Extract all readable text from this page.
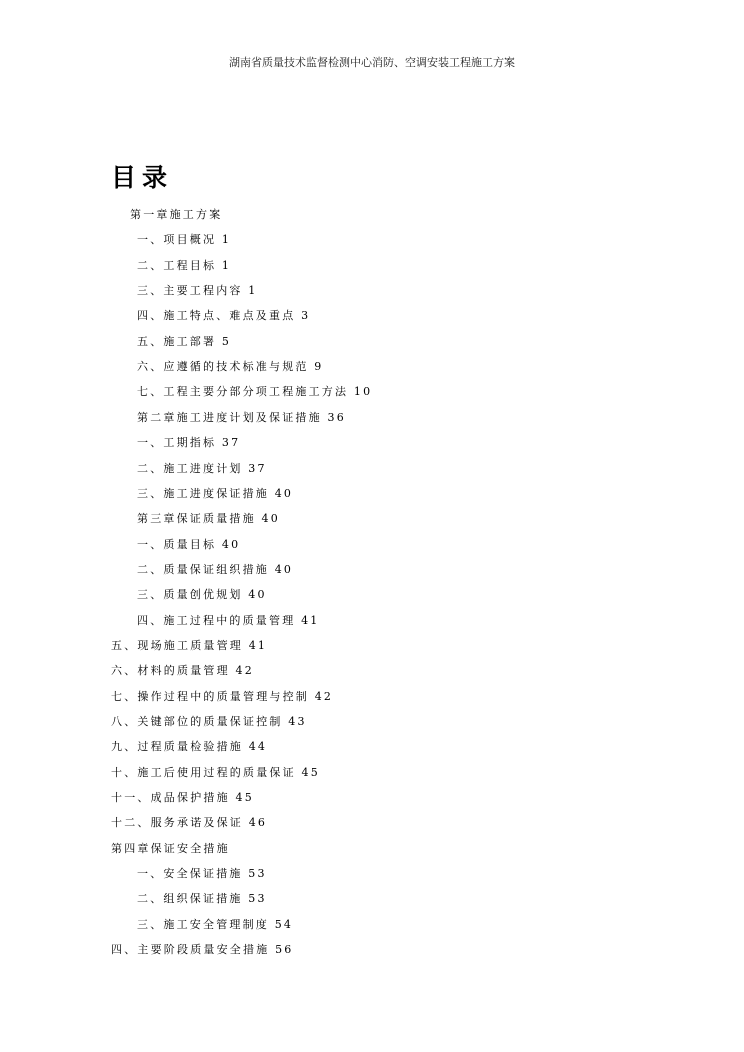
湖南省质量技术监督检测中心消防、空调安装工程施工方案
目录
第一章施工方案
一、项目概况 1
二、工程目标 1
三、主要工程内容 1
四、施工特点、难点及重点 3
五、施工部署 5
六、应遵循的技术标准与规范 9
七、工程主要分部分项工程施工方法 10
第二章施工进度计划及保证措施 36
一、工期指标 37
二、施工进度计划 37
三、施工进度保证措施 40
第三章保证质量措施 40
一、质量目标 40
二、质量保证组织措施 40
三、质量创优规划 40
四、施工过程中的质量管理 41
五、现场施工质量管理 41
六、材料的质量管理 42
七、操作过程中的质量管理与控制 42
八、关键部位的质量保证控制 43
九、过程质量检验措施 44
十、施工后使用过程的质量保证 45
十一、成品保护措施 45
十二、服务承诺及保证 46
第四章保证安全措施
一、安全保证措施 53
二、组织保证措施 53
三、施工安全管理制度 54
四、主要阶段质量安全措施 56
